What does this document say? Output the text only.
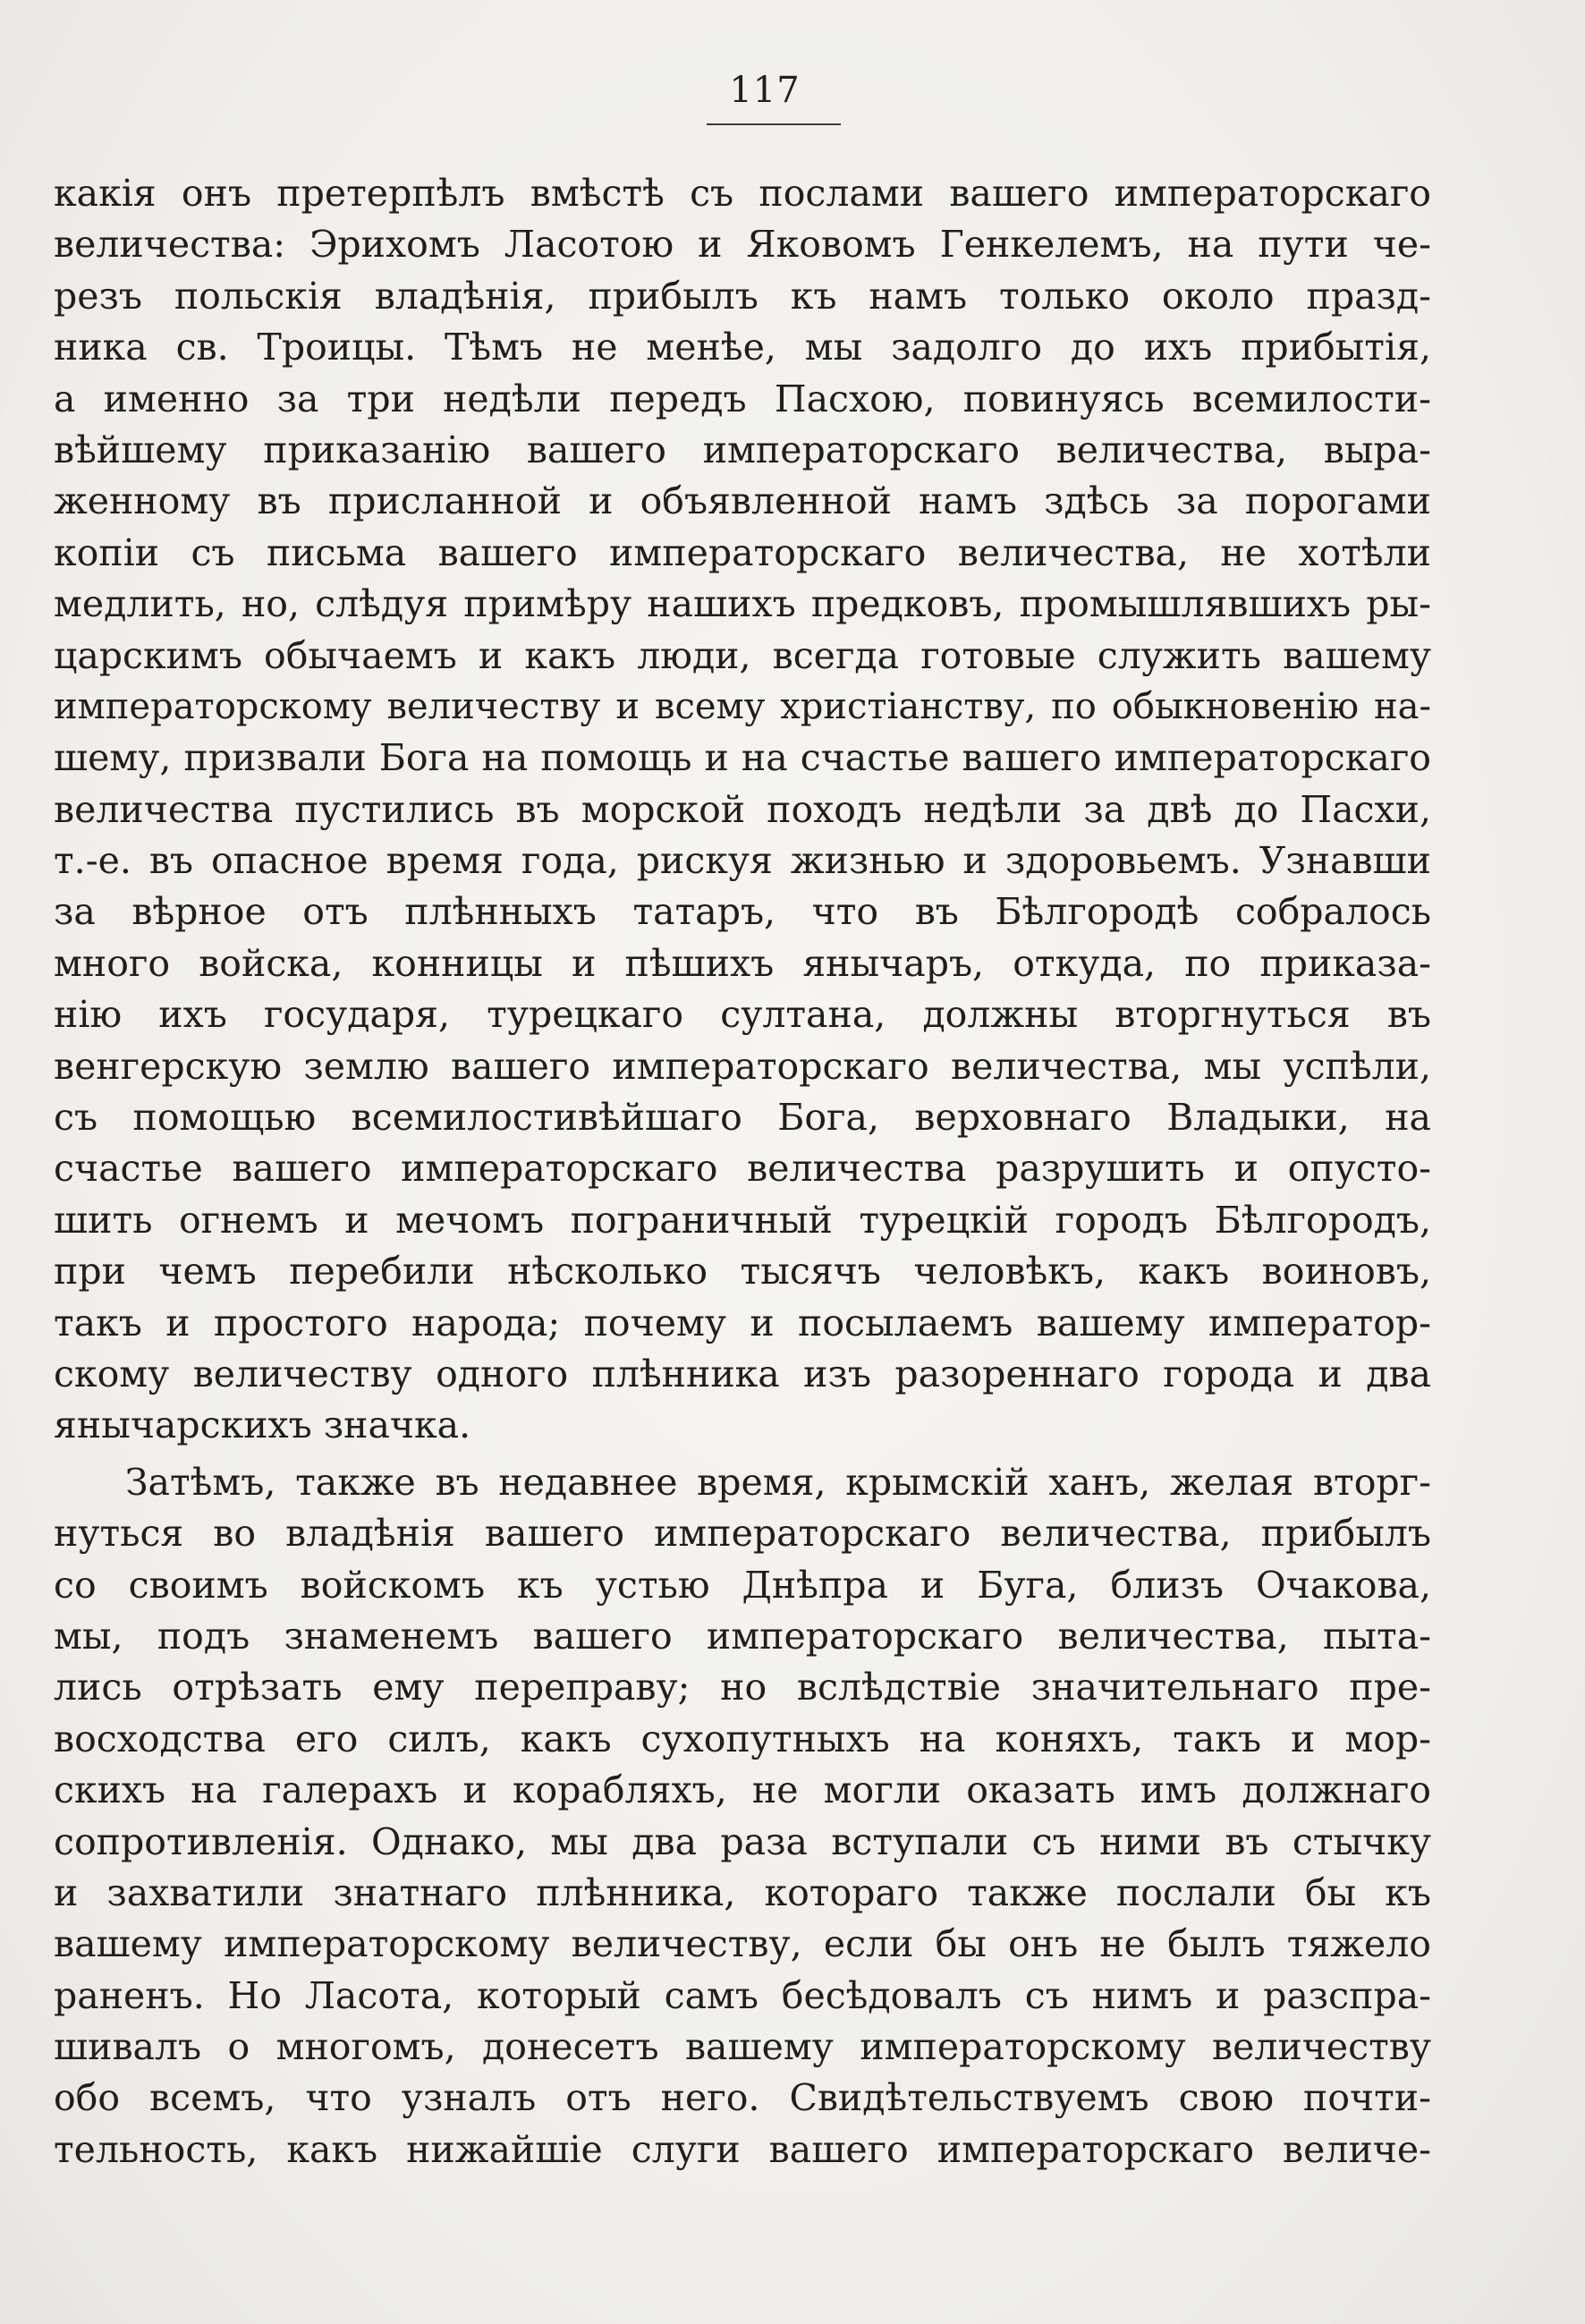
117
какія онъ претерпѣлъ вмѣстѣ съ послами вашего императорскаго
величества: Эрихомъ Ласотою и Яковомъ Генкелемъ, на пути че-
резъ польскія владѣнія, прибылъ къ намъ только около празд-
ника св. Троицы. Тѣмъ не менѣе, мы задолго до ихъ прибытія,
а именно за три недѣли передъ Пасхою, повинуясь всемилости-
вѣйшему приказанію вашего императорскаго величества, выра-
женному въ присланной и объявленной намъ здѣсь за порогами
копіи съ письма вашего императорскаго величества, не хотѣли
медлить, но, слѣдуя примѣру нашихъ предковъ, промышлявшихъ ры-
царскимъ обычаемъ и какъ люди, всегда готовые служить вашему
императорскому величеству и всему христіанству, по обыкновенію на-
шему, призвали Бога на помощь и на счастье вашего императорскаго
величества пустились въ морской походъ недѣли за двѣ до Пасхи,
т.-е. въ опасное время года, рискуя жизнью и здоровьемъ. Узнавши
за вѣрное отъ плѣнныхъ татаръ, что въ Бѣлгородѣ собралось
много войска, конницы и пѣшихъ янычаръ, откуда, по приказа-
нію ихъ государя, турецкаго султана, должны вторгнуться въ
венгерскую землю вашего императорскаго величества, мы успѣли,
съ помощью всемилостивѣйшаго Бога, верховнаго Владыки, на
счастье вашего императорскаго величества разрушить и опусто-
шить огнемъ и мечомъ пограничный турецкій городъ Бѣлгородъ,
при чемъ перебили нѣсколько тысячъ человѣкъ, какъ воиновъ,
такъ и простого народа; почему и посылаемъ вашему император-
скому величеству одного плѣнника изъ разореннаго города и два
янычарскихъ значка.
Затѣмъ, также въ недавнее время, крымскій ханъ, желая вторг-
нуться во владѣнія вашего императорскаго величества, прибылъ
со своимъ войскомъ къ устью Днѣпра и Буга, близъ Очакова,
мы, подъ знаменемъ вашего императорскаго величества, пыта-
лись отрѣзать ему переправу; но вслѣдствіе значительнаго пре-
восходства его силъ, какъ сухопутныхъ на коняхъ, такъ и мор-
скихъ на галерахъ и корабляхъ, не могли оказать имъ должнаго
сопротивленія. Однако, мы два раза вступали съ ними въ стычку
и захватили знатнаго плѣнника, котораго также послали бы къ
вашему императорскому величеству, если бы онъ не былъ тяжело
раненъ. Но Ласота, который самъ бесѣдовалъ съ нимъ и разспра-
шивалъ о многомъ, донесетъ вашему императорскому величеству
обо всемъ, что узналъ отъ него. Свидѣтельствуемъ свою почти-
тельность, какъ нижайшіе слуги вашего императорскаго величе-
